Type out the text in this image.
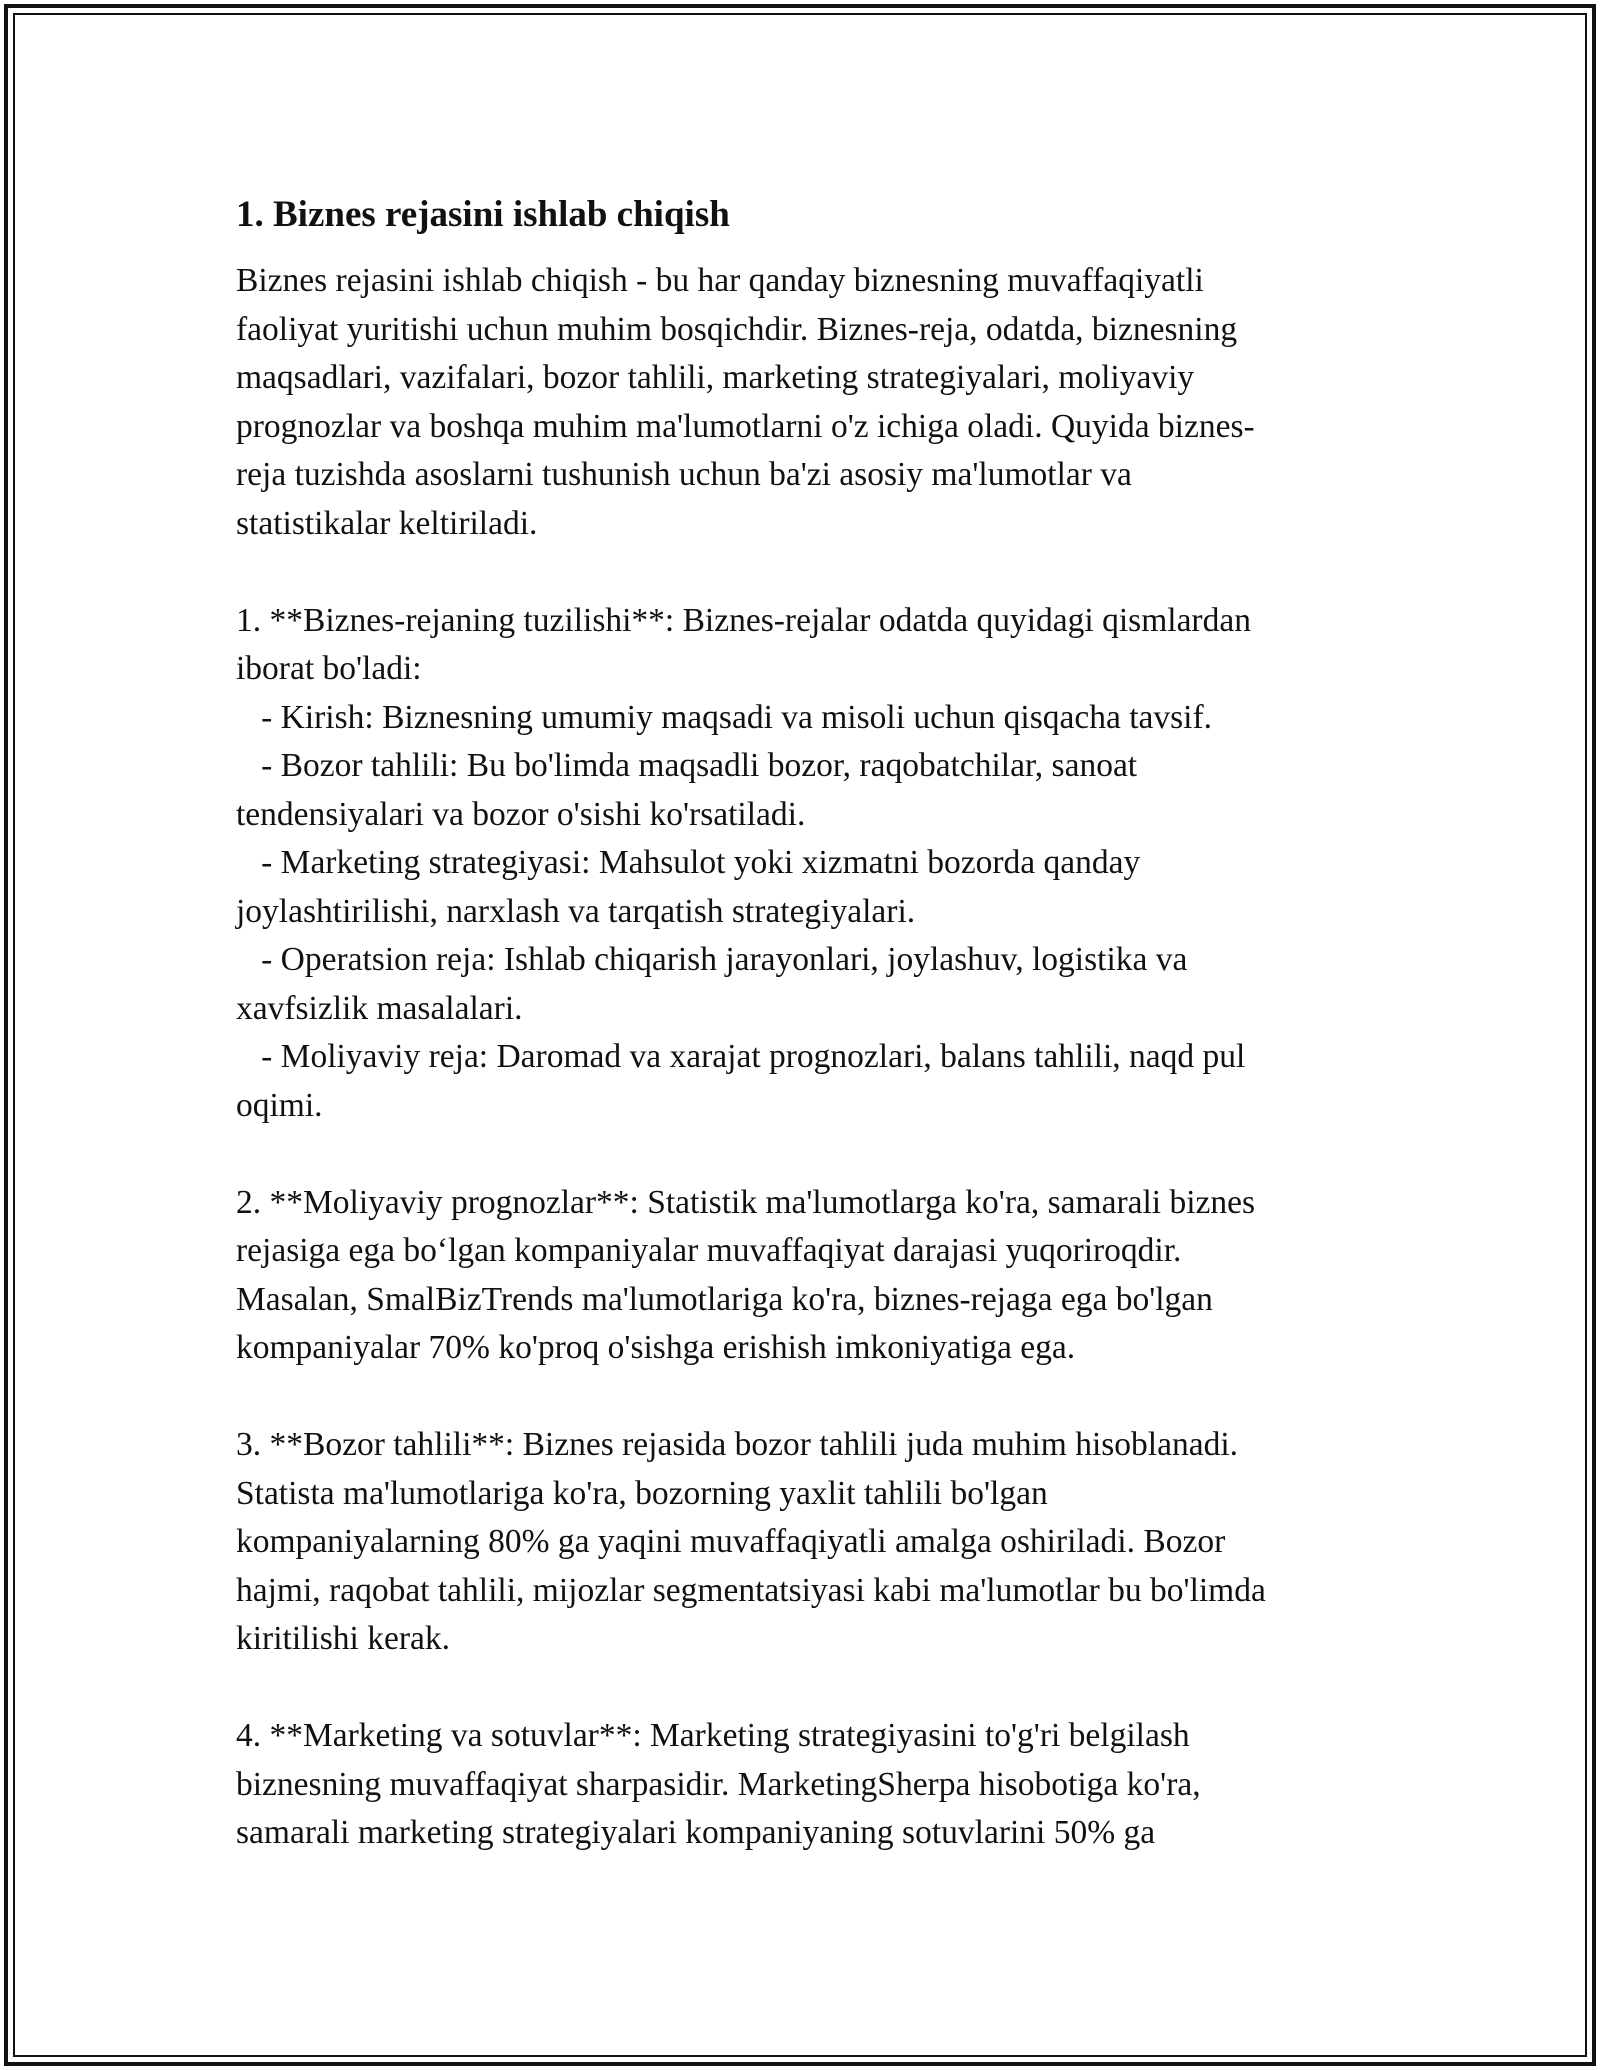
1. Biznes rejasini ishlab chiqish

Biznes rejasini ishlab chiqish - bu har qanday biznesning muvaffaqiyatli
faoliyat yuritishi uchun muhim bosqichdir. Biznes-reja, odatda, biznesning
maqsadlari, vazifalari, bozor tahlili, marketing strategiyalari, moliyaviy
prognozlar va boshqa muhim ma'lumotlarni o'z ichiga oladi. Quyida biznes-
reja tuzishda asoslarni tushunish uchun ba'zi asosiy ma'lumotlar va
statistikalar keltiriladi.

1. **Biznes-rejaning tuzilishi**: Biznes-rejalar odatda quyidagi qismlardan
iborat bo'ladi:
- Kirish: Biznesning umumiy maqsadi va misoli uchun qisqacha tavsif.
- Bozor tahlili: Bu bo'limda maqsadli bozor, raqobatchilar, sanoat
tendensiyalari va bozor o'sishi ko'rsatiladi.
- Marketing strategiyasi: Mahsulot yoki xizmatni bozorda qanday
joylashtirilishi, narxlash va tarqatish strategiyalari.
- Operatsion reja: Ishlab chiqarish jarayonlari, joylashuv, logistika va
xavfsizlik masalalari.
- Moliyaviy reja: Daromad va xarajat prognozlari, balans tahlili, naqd pul
oqimi.

2. **Moliyaviy prognozlar**: Statistik ma'lumotlarga ko'ra, samarali biznes
rejasiga ega bo‘lgan kompaniyalar muvaffaqiyat darajasi yuqoriroqdir.
Masalan, SmalBizTrends ma'lumotlariga ko'ra, biznes-rejaga ega bo'lgan
kompaniyalar 70% ko'proq o'sishga erishish imkoniyatiga ega.

3. **Bozor tahlili**: Biznes rejasida bozor tahlili juda muhim hisoblanadi.
Statista ma'lumotlariga ko'ra, bozorning yaxlit tahlili bo'lgan
kompaniyalarning 80% ga yaqini muvaffaqiyatli amalga oshiriladi. Bozor
hajmi, raqobat tahlili, mijozlar segmentatsiyasi kabi ma'lumotlar bu bo'limda
kiritilishi kerak.

4. **Marketing va sotuvlar**: Marketing strategiyasini to'g'ri belgilash
biznesning muvaffaqiyat sharpasidir. MarketingSherpa hisobotiga ko'ra,
samarali marketing strategiyalari kompaniyaning sotuvlarini 50% ga
